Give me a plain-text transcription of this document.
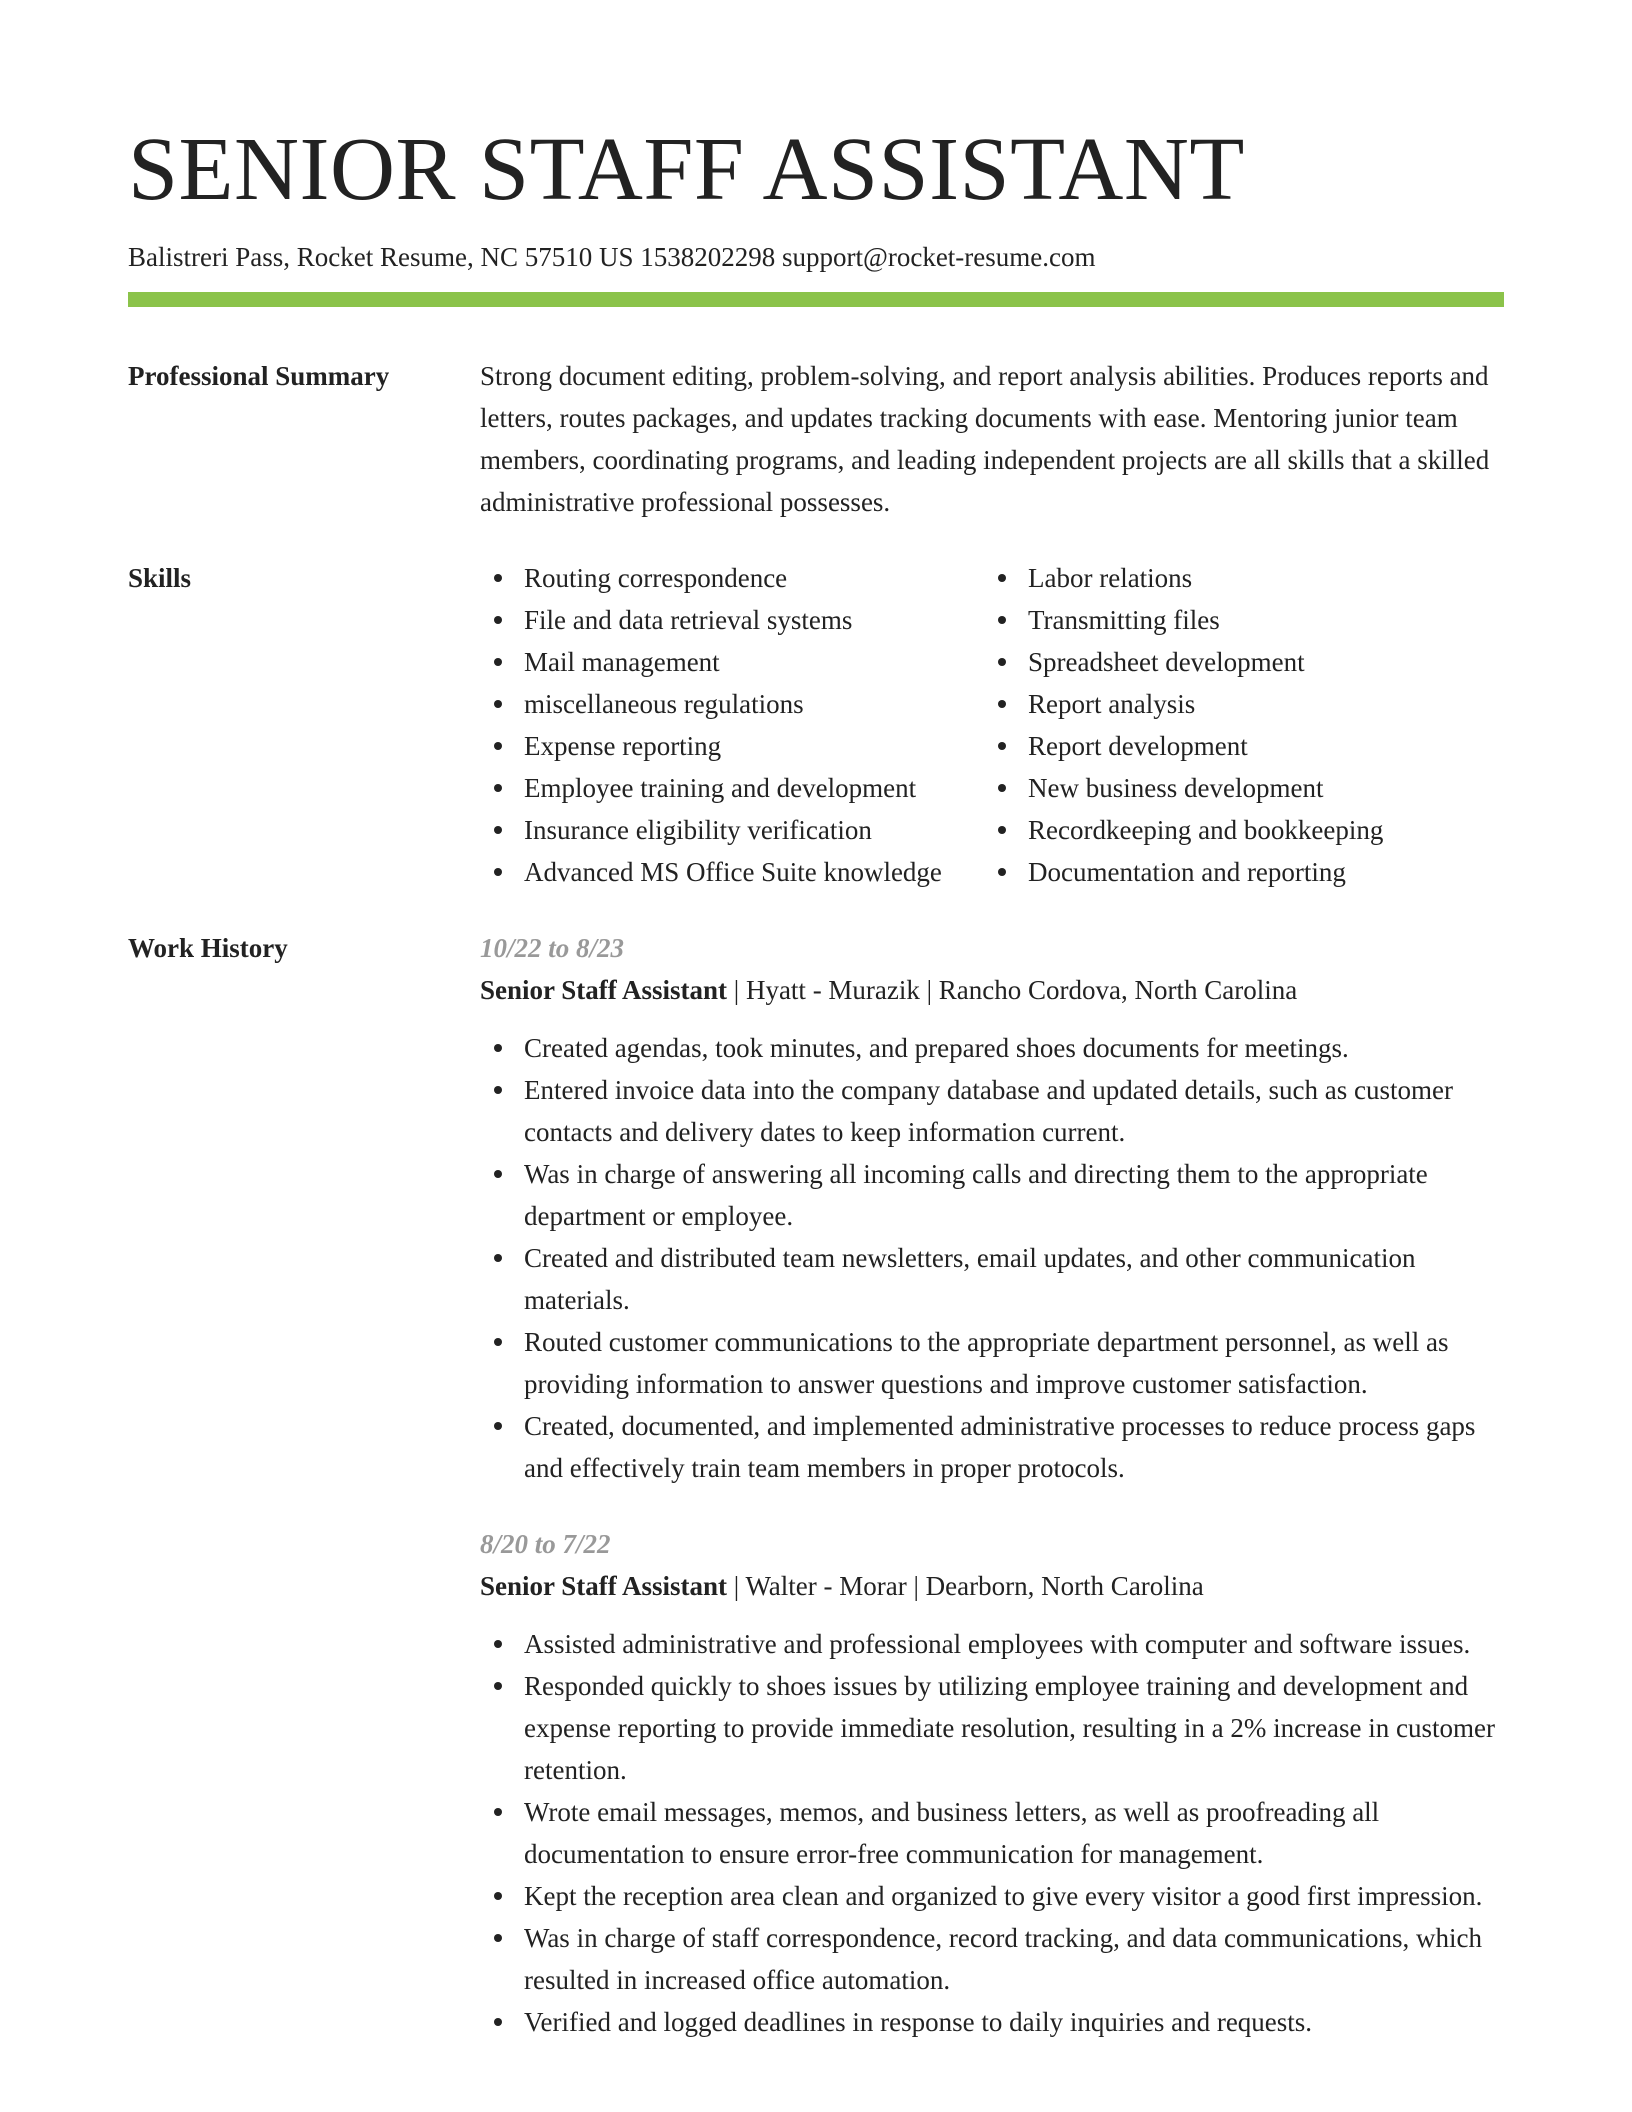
SENIOR STAFF ASSISTANT
Balistreri Pass, Rocket Resume, NC 57510 US 1538202298 support@rocket-resume.com
Professional Summary	Strong document editing, problem-solving, and report analysis abilities. Produces reports and letters, routes packages, and updates tracking documents with ease. Mentoring junior team members, coordinating programs, and leading independent projects are all skills that a skilled administrative professional possesses.
Skills	Routing correspondence
File and data retrieval systems
Mail management
miscellaneous regulations
Expense reporting
Employee training and development
Insurance eligibility verification
Advanced MS Office Suite knowledge
Labor relations
Transmitting files
Spreadsheet development
Report analysis
Report development
New business development
Recordkeeping and bookkeeping
Documentation and reporting
Work History	10/22 to 8/23
Senior Staff Assistant | Hyatt - Murazik | Rancho Cordova, North Carolina
Created agendas, took minutes, and prepared shoes documents for meetings.
Entered invoice data into the company database and updated details, such as customer contacts and delivery dates to keep information current.
Was in charge of answering all incoming calls and directing them to the appropriate department or employee.
Created and distributed team newsletters, email updates, and other communication materials.
Routed customer communications to the appropriate department personnel, as well as providing information to answer questions and improve customer satisfaction.
Created, documented, and implemented administrative processes to reduce process gaps and effectively train team members in proper protocols.
8/20 to 7/22
Senior Staff Assistant | Walter - Morar | Dearborn, North Carolina
Assisted administrative and professional employees with computer and software issues.
Responded quickly to shoes issues by utilizing employee training and development and expense reporting to provide immediate resolution, resulting in a 2% increase in customer retention.
Wrote email messages, memos, and business letters, as well as proofreading all documentation to ensure error-free communication for management.
Kept the reception area clean and organized to give every visitor a good first impression.
Was in charge of staff correspondence, record tracking, and data communications, which resulted in increased office automation.
Verified and logged deadlines in response to daily inquiries and requests.
